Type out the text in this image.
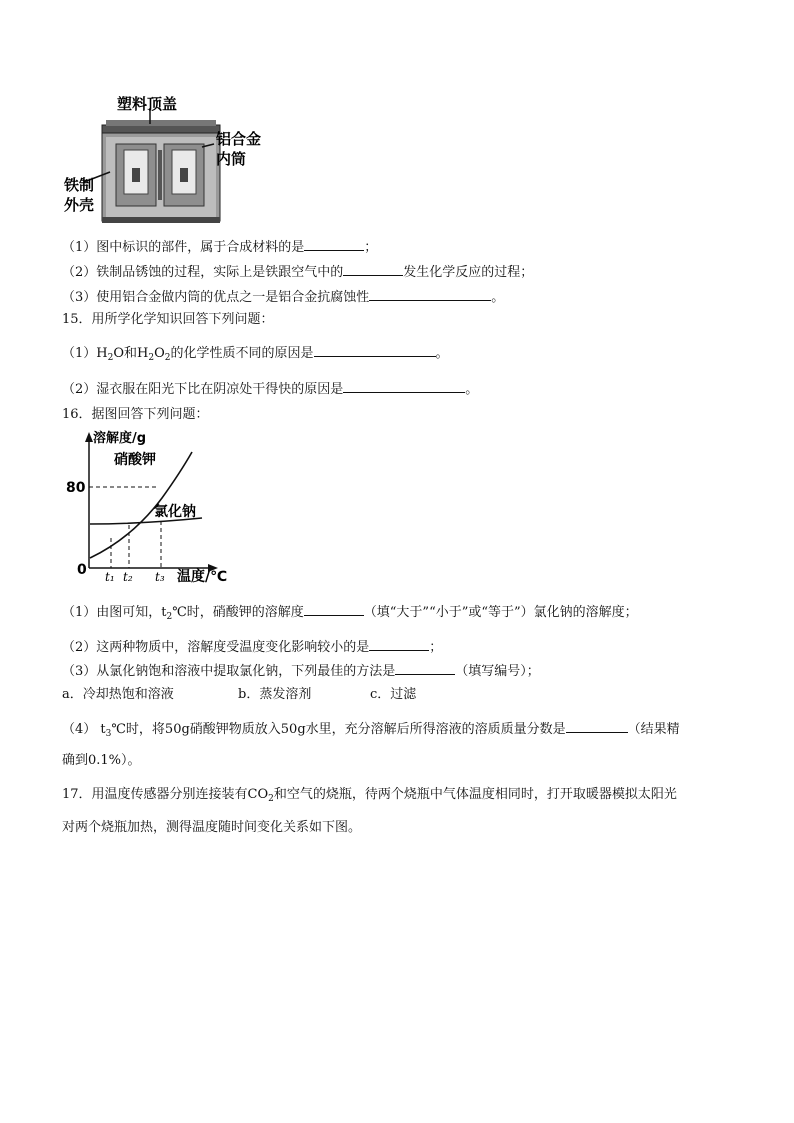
塑料顶盖
铝合金
内筒
铁制
外壳
（1）图中标识的部件，属于合成材料的是	；
（2）铁制品锈蚀的过程，实际上是铁跟空气中的	发生化学反应的过程；
（3）使用铝合金做内筒的优点之一是铝合金抗腐蚀性	。
15．用所学化学知识回答下列问题：
$(1)H_2O$和$H_2O_2$的化学性质不同的原因是	。
（2）湿衣服在阳光下比在阴凉处干得快的原因是	。
16．据图回答下列问题：
溶解度/g
硝酸钾
氯化钠
80
0 t₁ t₂ t₃ 温度/℃
（1）由图可知，$t_2℃$时，硝酸钾的溶解度	（填“大于”“小于”或“等于”）氯化钠的溶解度；
（2）这两种物质中，溶解度受温度变化影响较小的是	；
（3）从氯化钠饱和溶液中提取氯化钠，下列最佳的方法是	（填写编号）；
a．冷却热饱和溶液	b．蒸发溶剂	c．过滤
（4） $t_3℃$时，将50g硝酸钾物质放入50g水里，充分溶解后所得溶液的溶质质量分数是	（结果精
确到0.1%）。
17．用温度传感器分别连接装有$CO_2$和空气的烧瓶，待两个烧瓶中气体温度相同时，打开取暖器模拟太阳光
对两个烧瓶加热，测得温度随时间变化关系如下图。
